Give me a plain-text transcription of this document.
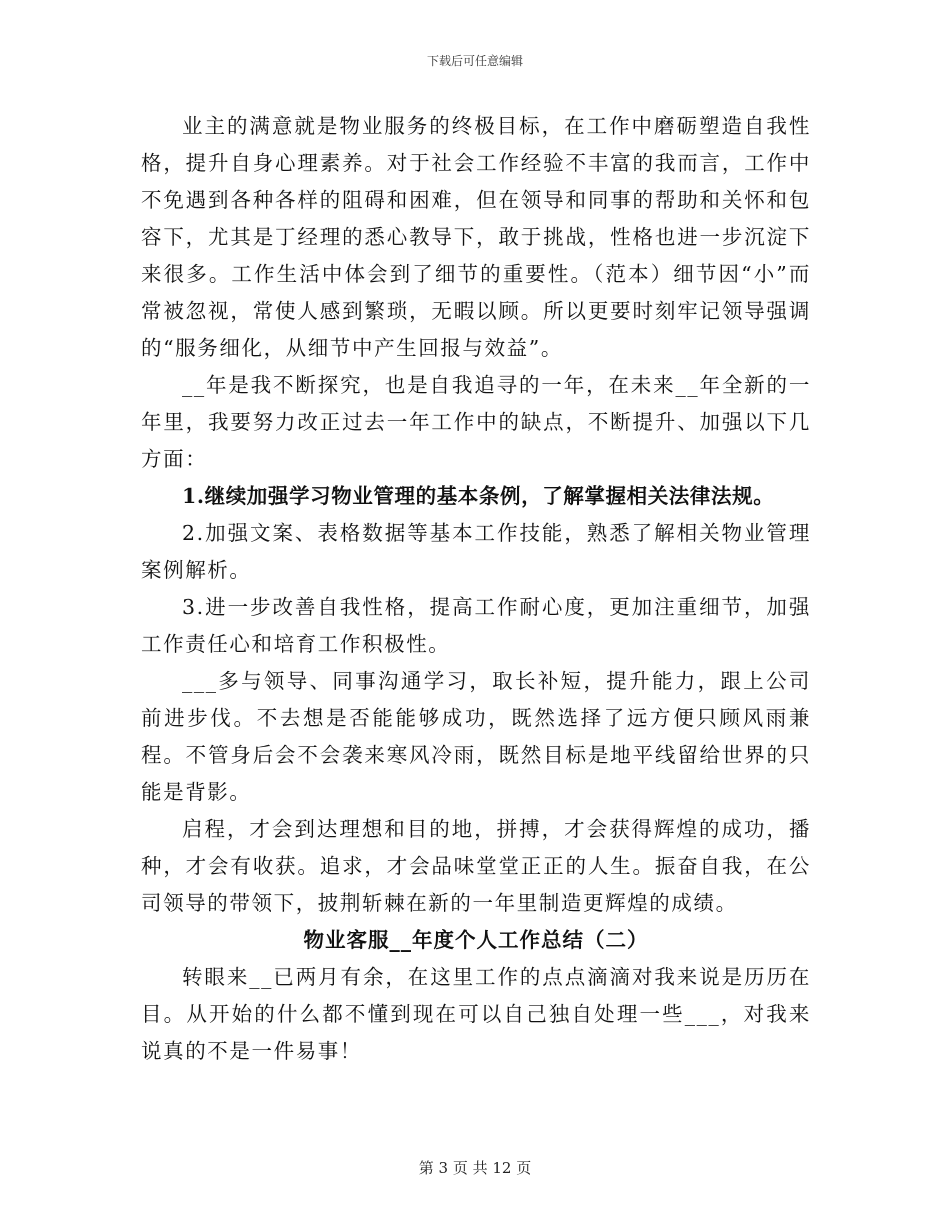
下载后可任意编辑

业主的满意就是物业服务的终极目标，在工作中磨砺塑造自我性格，提升自身心理素养。对于社会工作经验不丰富的我而言，工作中不免遇到各种各样的阻碍和困难，但在领导和同事的帮助和关怀和包容下，尤其是丁经理的悉心教导下，敢于挑战，性格也进一步沉淀下来很多。工作生活中体会到了细节的重要性。（范本）细节因“小”而常被忽视，常使人感到繁琐，无暇以顾。所以更要时刻牢记领导强调的“服务细化，从细节中产生回报与效益”。

__年是我不断探究，也是自我追寻的一年，在未来__年全新的一年里，我要努力改正过去一年工作中的缺点，不断提升、加强以下几方面：

1.继续加强学习物业管理的基本条例，了解掌握相关法律法规。

2.加强文案、表格数据等基本工作技能，熟悉了解相关物业管理案例解析。

3.进一步改善自我性格，提高工作耐心度，更加注重细节，加强工作责任心和培育工作积极性。

___多与领导、同事沟通学习，取长补短，提升能力，跟上公司前进步伐。不去想是否能能够成功，既然选择了远方便只顾风雨兼程。不管身后会不会袭来寒风冷雨，既然目标是地平线留给世界的只能是背影。

启程，才会到达理想和目的地，拼搏，才会获得辉煌的成功，播种，才会有收获。追求，才会品味堂堂正正的人生。振奋自我，在公司领导的带领下，披荆斩棘在新的一年里制造更辉煌的成绩。

物业客服__年度个人工作总结（二）

转眼来__已两月有余，在这里工作的点点滴滴对我来说是历历在目。从开始的什么都不懂到现在可以自己独自处理一些___，对我来说真的不是一件易事！

第 3 页 共 12 页
